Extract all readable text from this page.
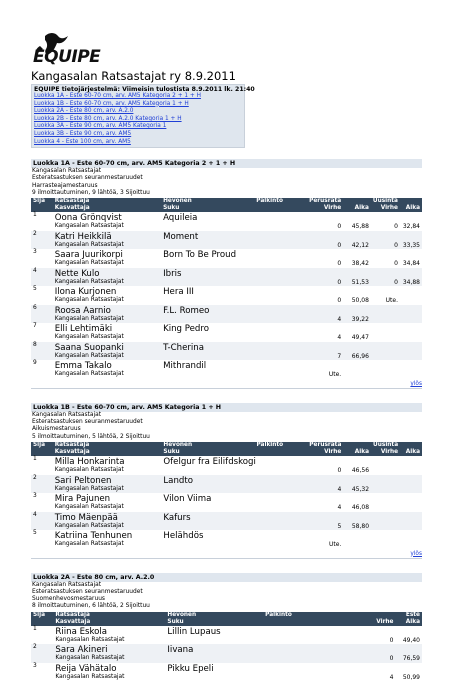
EQUIPE
Kangasalan Ratsastajat ry 8.9.2011
EQUIPE tietojärjestelmä: Viimeisin tulostista 8.9.2011 lk. 21:40
Luokka 1A - Este 60-70 cm, arv. AM5 Kategoria 2 + 1 + H
Luokka 1B - Este 60-70 cm, arv. AM5 Kategoria 1 + H
Luokka 2A - Este 80 cm, arv. A.2.0
Luokka 2B - Este 80 cm, arv. A.2.0 Kategoria 1 + H
Luokka 3A - Este 90 cm, arv. AM5 Kategoria 1
Luokka 3B - Este 90 cm, arv. AM5
Luokka 4 - Este 100 cm, arv. AM5
Luokka 1A - Este 60-70 cm, arv. AM5 Kategoria 2 + 1 + H
Kangasalan Ratsastajat
Esteratsastuksen seuranmestaruudet
Harrasteajamestaruus
9 ilmoittautuminen, 9 lähtöä, 3 Sijoittuu
Sija	Ratsastaja	Hevonen	Palkinto	Perusrata		Uusinta	
	Kasvattaja	Suku		Virhe	Aika	Virhe	Aika
1	Oona Grönqvist	Aquileia					
	Kangasalan Ratsastajat			0	45,88	0	32,84
2	Katri Heikkilä	Moment					
	Kangasalan Ratsastajat			0	42,12	0	33,35
3	Saara Juurikorpi	Born To Be Proud					
	Kangasalan Ratsastajat			0	38,42	0	34,84
4	Nette Kulo	Ibris					
	Kangasalan Ratsastajat			0	51,53	0	34,88
5	Ilona Kurjonen	Hera III					
	Kangasalan Ratsastajat			0	50,08	Ute.	
6	Roosa Aarnio	F.L. Romeo					
	Kangasalan Ratsastajat			4	39,22		
7	Elli Lehtimäki	King Pedro					
	Kangasalan Ratsastajat			4	49,47		
8	Saana Suopanki	T-Cherina					
	Kangasalan Ratsastajat			7	66,96		
9	Emma Takalo	Mithrandil					
	Kangasalan Ratsastajat			Ute.			
ylös
Luokka 1B - Este 60-70 cm, arv. AM5 Kategoria 1 + H
Kangasalan Ratsastajat
Esteratsastuksen seuranmestaruudet
Aikuismestaruus
5 ilmoittautuminen, 5 lähtöä, 2 Sijoittuu
Sija	Ratsastaja	Hevonen	Palkinto	Perusrata		Uusinta	
	Kasvattaja	Suku		Virhe	Aika	Virhe	Aika
1	Milla Honkarinta	Ofelgur fra Eilifdskogi					
	Kangasalan Ratsastajat			0	46,56		
2	Sari Peltonen	Landto					
	Kangasalan Ratsastajat			4	45,32		
3	Mira Pajunen	Vilon Viima					
	Kangasalan Ratsastajat			4	46,08		
4	Timo Mäenpää	Kafurs					
	Kangasalan Ratsastajat			5	58,80		
5	Katriina Tenhunen	Helähdös					
	Kangasalan Ratsastajat			Ute.			
ylös
Luokka 2A - Este 80 cm, arv. A.2.0
Kangasalan Ratsastajat
Esteratsastuksen seuranmestaruudet
Suomenhevosmestaruus
8 ilmoittautuminen, 6 lähtöä, 2 Sijoittuu
Sija	Ratsastaja	Hevonen	Palkinto		Este
	Kasvattaja	Suku		Virhe	Aika
1	Riina Eskola	Lillin Lupaus			
	Kangasalan Ratsastajat			0	49,40
2	Sara Akineri	Iivana			
	Kangasalan Ratsastajat			0	76,59
3	Reija Vähätalo	Pikku Epeli			
	Kangasalan Ratsastajat			4	50,99
